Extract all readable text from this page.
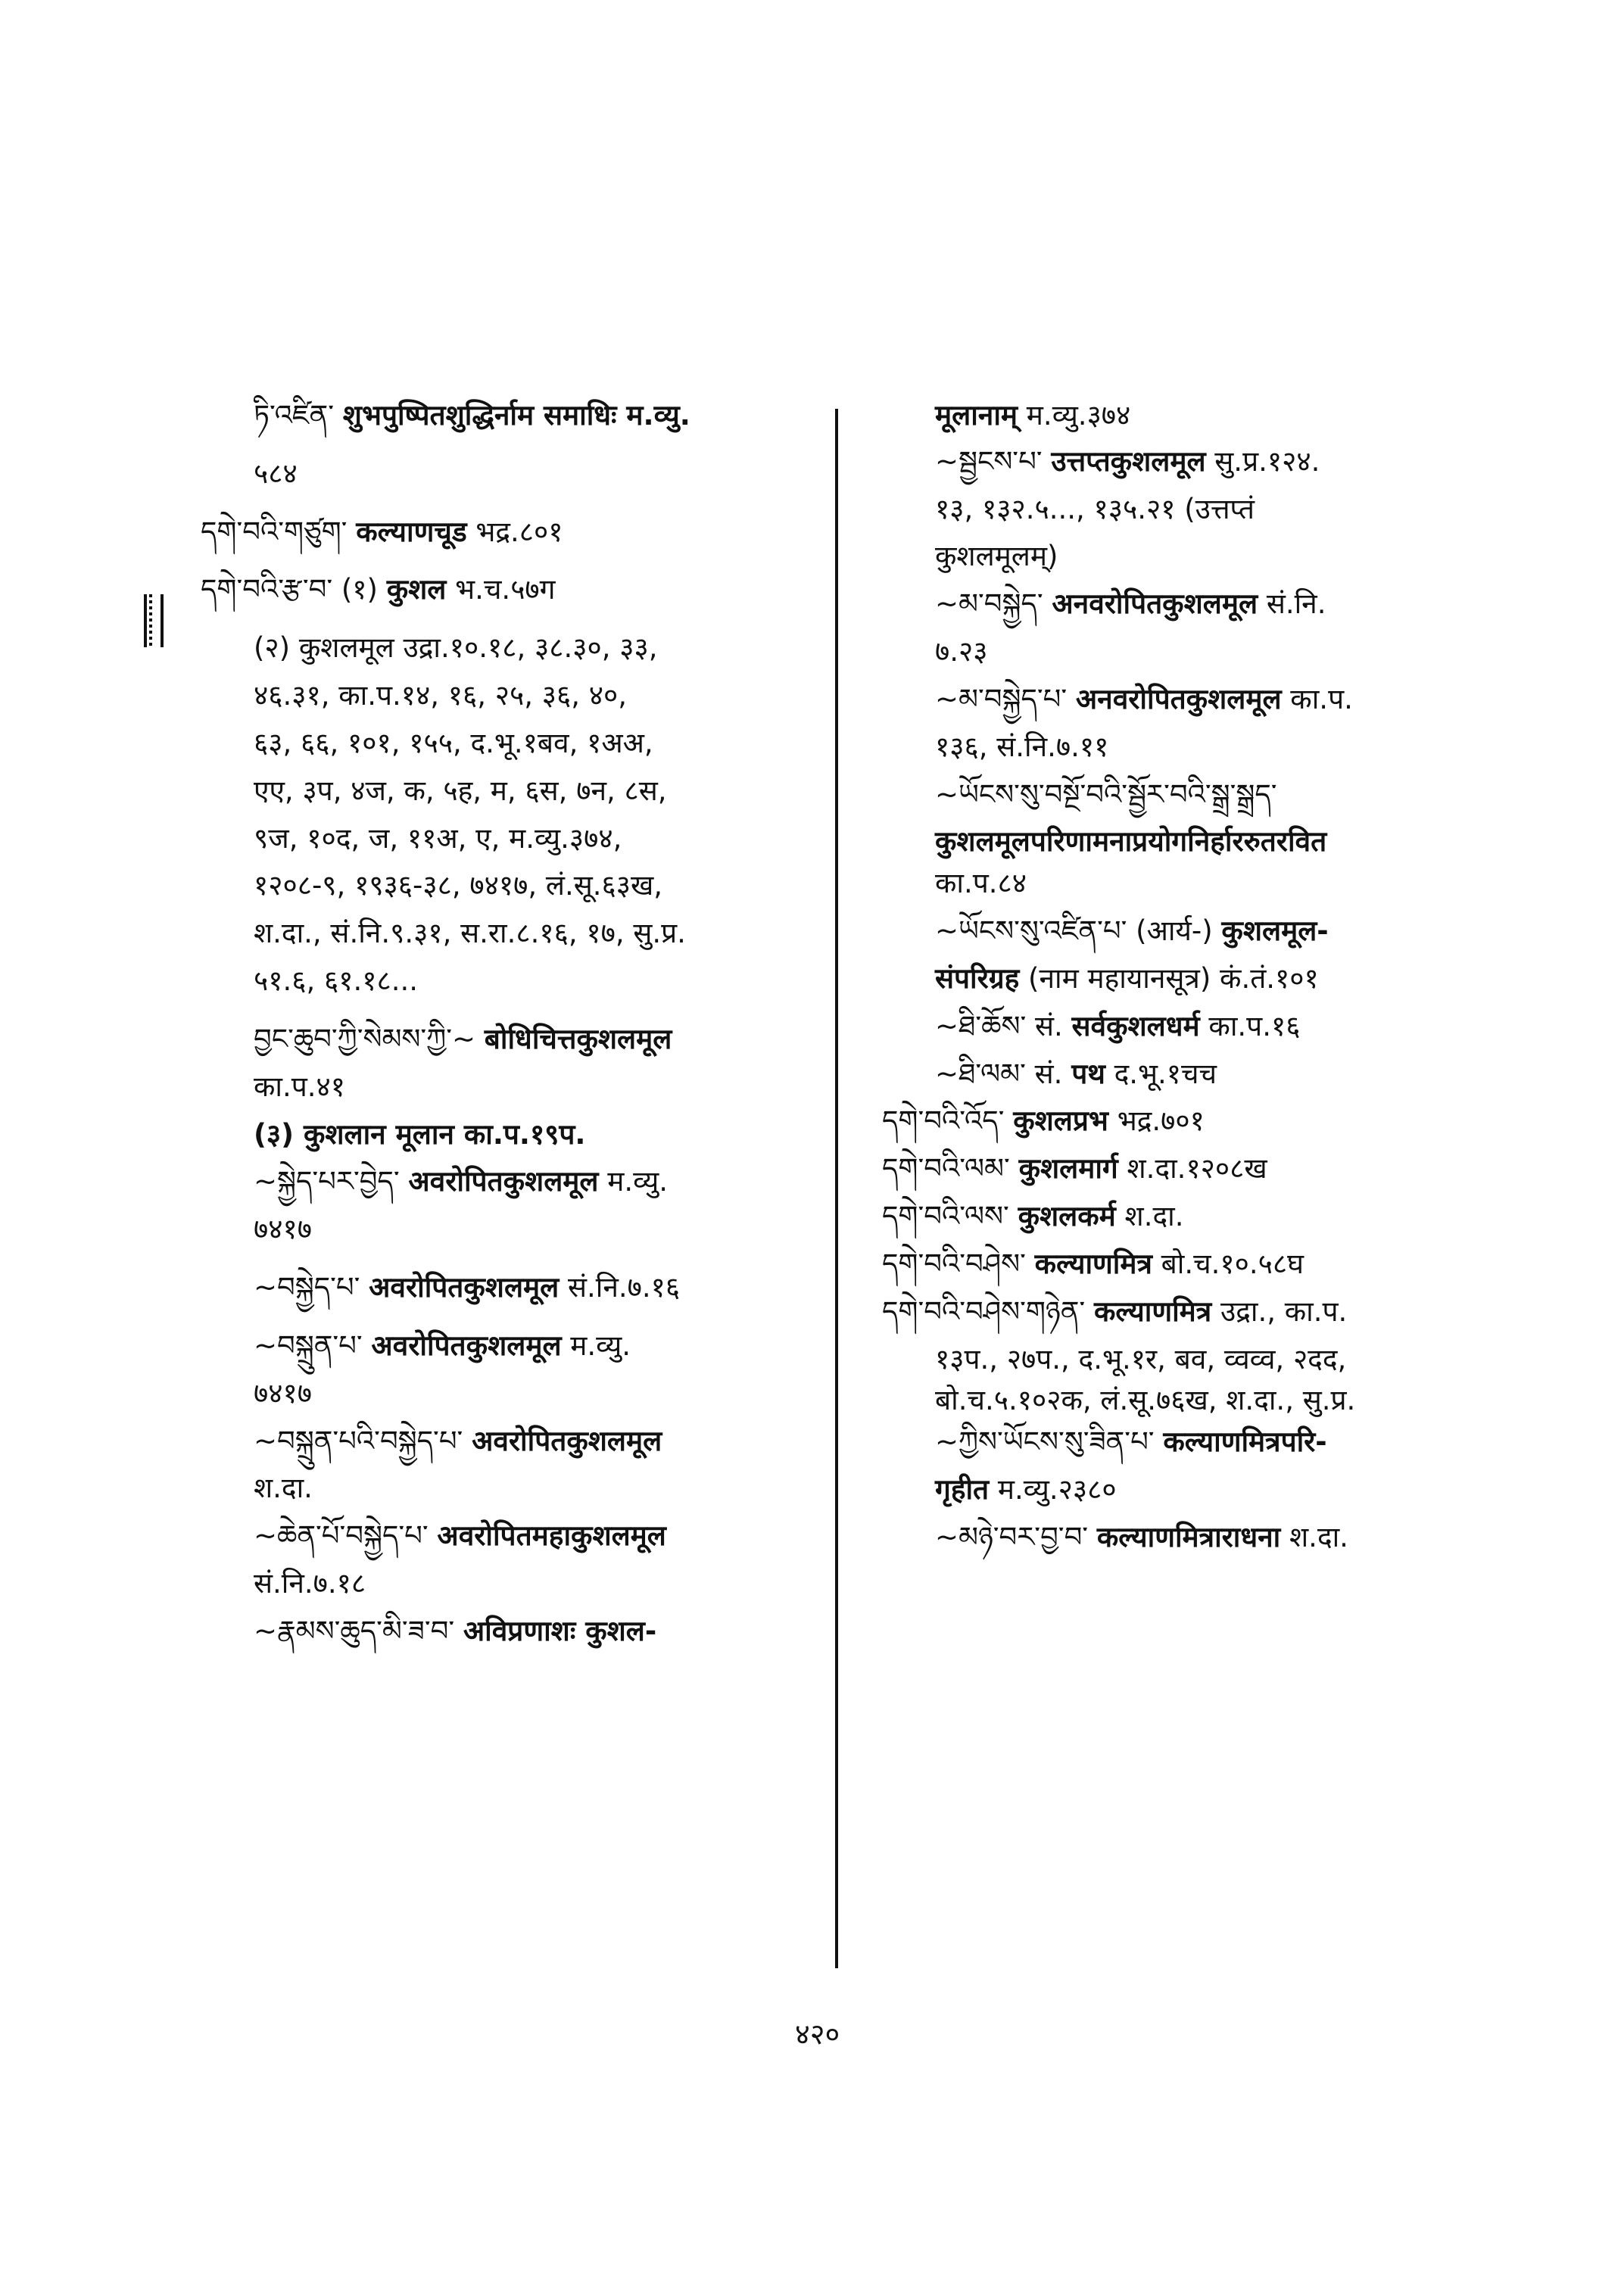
ཏི་འཛིན་ शुभपुष्पितशुद्धिर्नाम समाधिः म.व्यु.

५८४

དགེ་བའི་གཙུག་ कल्याणचूड भद्र.८०१

དགེ་བའི་རྩ་བ་ (१) कुशल भ.च.५७ग

(२) कुशलमूल उद्रा.१०.१८, ३८.३०, ३३,

४६.३१, का.प.१४, १६, २५, ३६, ४०,

६३, ६६, १०१, १५५, द.भू.१बव, १अअ,

एए, ३प, ४ज, क, ५ह, म, ६स, ७न, ८स,

९ज, १०द, ज, ११अ, ए, म.व्यु.३७४,

१२०८-९, १९३६-३८, ७४१७, लं.सू.६३ख,

श.दा., सं.नि.९.३१, स.रा.८.१६, १७, सु.प्र.

५१.६, ६१.१८...

བྱང་ཆུབ་ཀྱི་སེམས་ཀྱི་~ बोधिचित्तकुशलमूल

का.प.४१

(३) कुशलान मूलान का.प.१९प.

~སྐྱེད་པར་བྱེད་ अवरोपितकुशलमूल म.व्यु.

७४१७

~བསྐྱེད་པ་ अवरोपितकुशलमूल सं.नि.७.१६

~བསྐྲུན་པ་ अवरोपितकुशलमूल म.व्यु.

७४१७

~བསྐྲུན་པའི་བསྐྱེད་པ་ अवरोपितकुशलमूल

श.दा.

~ཆེན་པོ་བསྐྱེད་པ་ अवरोपितमहाकुशलमूल

सं.नि.७.१८

~རྣམས་ཆུད་མི་ཟ་བ་ अविप्रणाशः कुशल-

मूलानाम् म.व्यु.३७४

~སྦྱངས་པ་ उत्तप्तकुशलमूल सु.प्र.१२४.

१३, १३२.५..., १३५.२१ (उत्तप्तं

कुशलमूलम्)

~མ་བསྐྱེད་ अनवरोपितकुशलमूल सं.नि.

७.२३

~མ་བསྐྱེད་པ་ अनवरोपितकुशलमूल का.प.

१३६, सं.नि.७.११

~ཡོངས་སུ་བསྔོ་བའི་སྦྱོར་བའི་སྒྲ་སྒྲད་

कुशलमूलपरिणामनाप्रयोगनिर्हाररुतरवित

का.प.८४

~ཡོངས་སུ་འཛིན་པ་ (आर्य-) कुशलमूल-

संपरिग्रह (नाम महायानसूत्र) कं.तं.१०१

~ཐི་ཆོས་ सं. सर्वकुशलधर्म का.प.१६

~ཐི་ལམ་ सं. पथ द.भू.१चच

དགེ་བའི་འོད་ कुशलप्रभ भद्र.७०१

དགེ་བའི་ལམ་ कुशलमार्ग श.दा.१२०८ख

དགེ་བའི་ལས་ कुशलकर्म श.दा.

དགེ་བའི་བཤེས་ कल्याणमित्र बो.च.१०.५८घ

དགེ་བའི་བཤེས་གཉེན་ कल्याणमित्र उद्रा., का.प.

१३प., २७प., द.भू.१र, बव, व्वव्व, २दद,

बो.च.५.१०२क, लं.सू.७६ख, श.दा., सु.प्र.

~ཀྱིས་ཡོངས་སུ་ཟིན་པ་ कल्याणमित्रपरि-

गृहीत म.व्यु.२३८०

~མཉེ་བར་བྱ་བ་ कल्याणमित्राराधना श.दा.

४२०
